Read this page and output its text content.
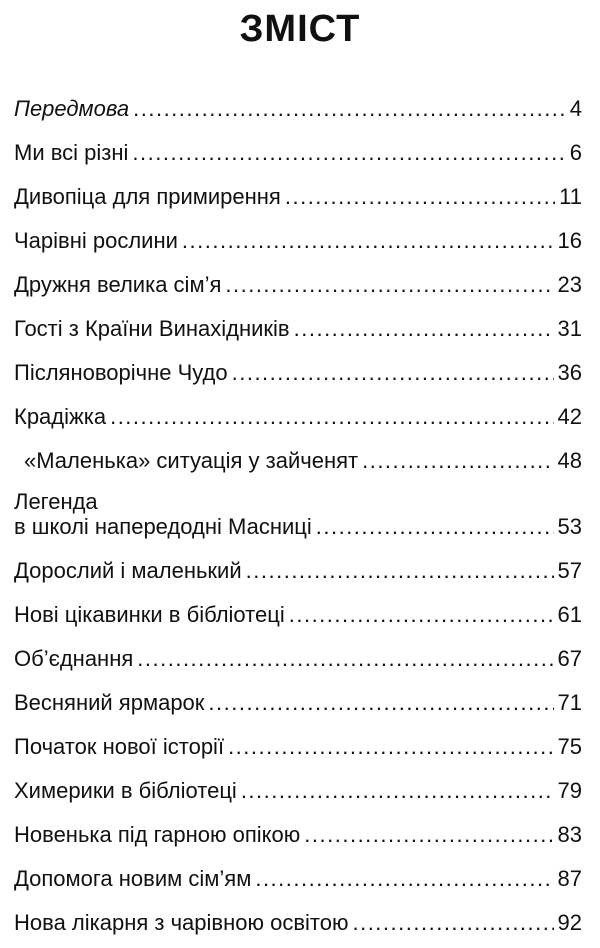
ЗМІСТ
Передмова .....	4
Ми всі різні .....	6
Дивопіца для примирення .....	11
Чарівні рослини .....	16
Дружня велика сім’я .....	23
Гості з Країни Винахідників .....	31
Післяноворічне Чудо .....	36
Крадіжка .....	42
«Маленька» ситуація у зайченят .....	48
Легенда
в школі напередодні Масниці .....	53
Дорослий і маленький .....	57
Нові цікавинки в бібліотеці .....	61
Об’єднання .....	67
Весняний ярмарок .....	71
Початок нової історії .....	75
Химерики в бібліотеці .....	79
Новенька під гарною опікою .....	83
Допомога новим сім’ям .....	87
Нова лікарня з чарівною освітою .....	92
